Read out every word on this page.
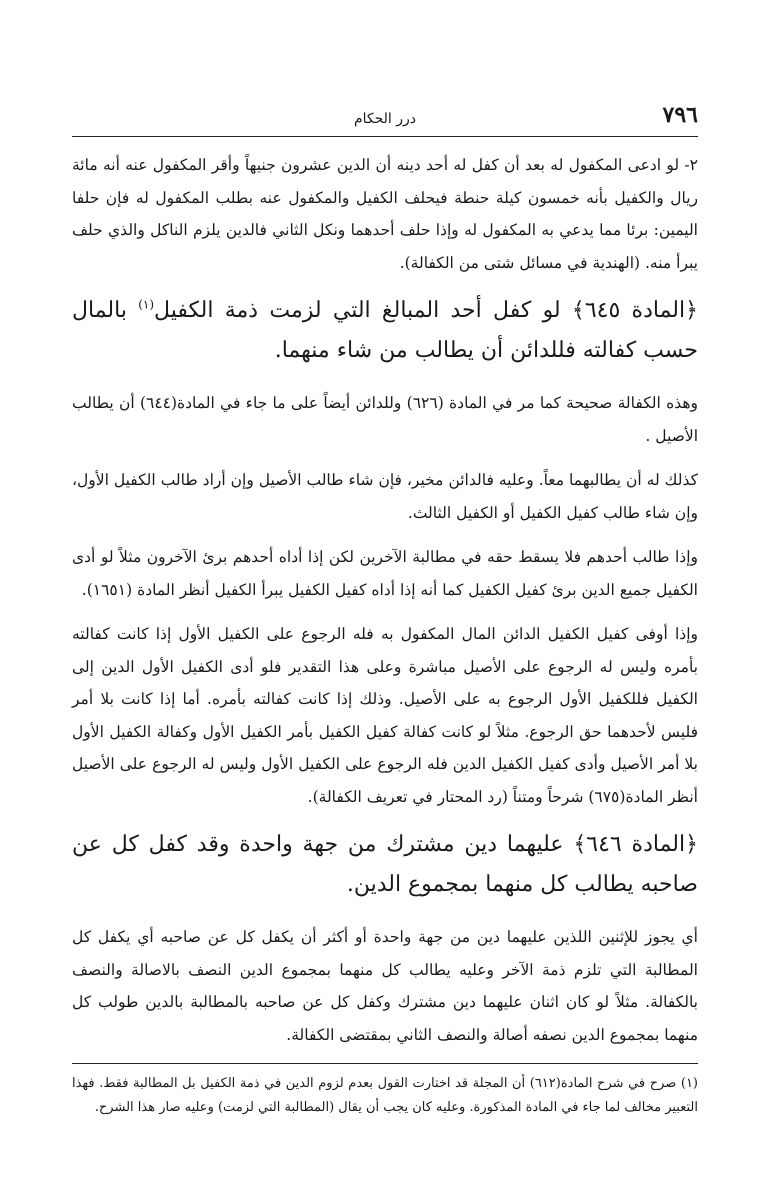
٧٩٦
درر الحكام

٢- لو ادعى المكفول له بعد أن كفل له أحد دينه أن الدين عشرون جنيهاً وأقر المكفول عنه أنه مائة ريال والكفيل بأنه خمسون كيلة حنطة فيحلف الكفيل والمكفول عنه بطلب المكفول له فإن حلفا اليمين: برئا مما يدعي به المكفول له وإذا حلف أحدهما ونكل الثاني فالدين يلزم الناكل والذي حلف يبرأ منه. (الهندية في مسائل شتى من الكفالة).

﴿المادة ٦٤٥﴾ لو كفل أحد المبالغ التي لزمت ذمة الكفيل$^{(١)}$ بالمال حسب كفالته فللدائن أن يطالب من شاء منهما.

وهذه الكفالة صحيحة كما مر في المادة (٦٢٦) وللدائن أيضاً على ما جاء في المادة(٦٤٤) أن يطالب الأصيل .

كذلك له أن يطالبهما معاً. وعليه فالدائن مخير، فإن شاء طالب الأصيل وإن أراد طالب الكفيل الأول، وإن شاء طالب كفيل الكفيل أو الكفيل الثالث.

وإذا طالب أحدهم فلا يسقط حقه في مطالبة الآخرين لكن إذا أداه أحدهم برئ الآخرون مثلاً لو أدى الكفيل جميع الدين برئ كفيل الكفيل كما أنه إذا أداه كفيل الكفيل يبرأ الكفيل أنظر المادة (١٦٥١).

وإذا أوفى كفيل الكفيل الدائن المال المكفول به فله الرجوع على الكفيل الأول إذا كانت كفالته بأمره وليس له الرجوع على الأصيل مباشرة وعلى هذا التقدير فلو أدى الكفيل الأول الدين إلى الكفيل فللكفيل الأول الرجوع به على الأصيل. وذلك إذا كانت كفالته بأمره. أما إذا كانت بلا أمر فليس لأحدهما حق الرجوع. مثلاً لو كانت كفالة كفيل الكفيل بأمر الكفيل الأول وكفالة الكفيل الأول بلا أمر الأصيل وأدى كفيل الكفيل الدين فله الرجوع على الكفيل الأول وليس له الرجوع على الأصيل أنظر المادة(٦٧٥) شرحاً ومتناً (رد المحتار في تعريف الكفالة).

﴿المادة ٦٤٦﴾ عليهما دين مشترك من جهة واحدة وقد كفل كل عن صاحبه يطالب كل منهما بمجموع الدين.

أي يجوز للإثنين اللذين عليهما دين من جهة واحدة أو أكثر أن يكفل كل عن صاحبه أي يكفل كل المطالبة التي تلزم ذمة الآخر وعليه يطالب كل منهما بمجموع الدين النصف بالاصالة والنصف بالكفالة. مثلاً لو كان اثنان عليهما دين مشترك وكفل كل عن صاحبه بالمطالبة بالدين طولب كل منهما بمجموع الدين نصفه أصالة والنصف الثاني بمقتضى الكفالة.

(١) صرح في شرح المادة(٦١٢) أن المجلة قد اختارت القول بعدم لزوم الدين في ذمة الكفيل بل المطالبة فقط. فهذا التعبير مخالف لما جاء في المادة المذكورة. وعليه كان يجب أن يقال (المطالبة التي لزمت) وعليه صار هذا الشرح.
